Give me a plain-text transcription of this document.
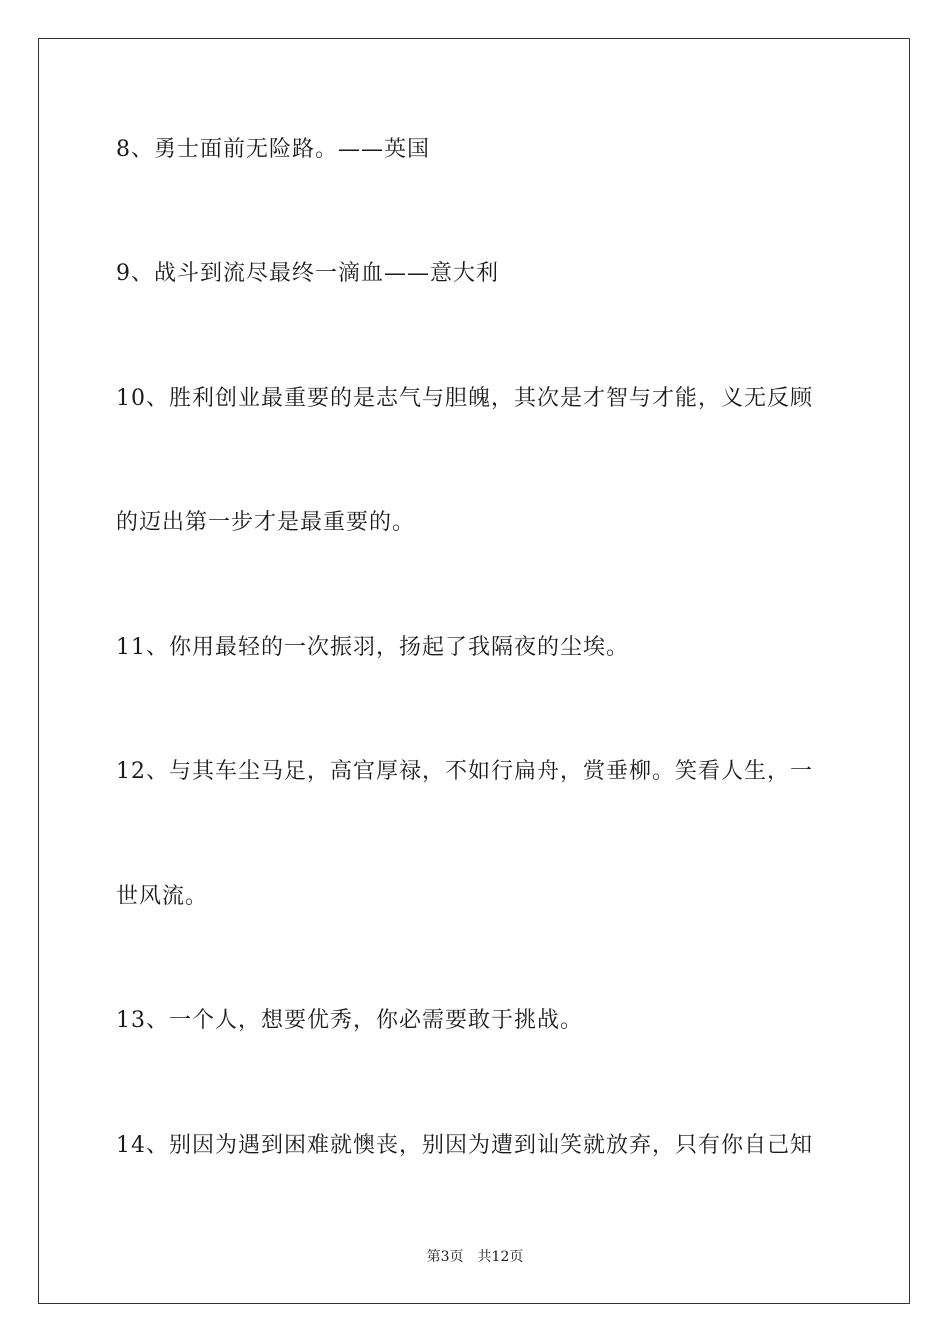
8、勇士面前无险路。——英国
9、战斗到流尽最终一滴血——意大利
10、胜利创业最重要的是志气与胆魄，其次是才智与才能，义无反顾
的迈出第一步才是最重要的。
11、你用最轻的一次振羽，扬起了我隔夜的尘埃。
12、与其车尘马足，高官厚禄，不如行扁舟，赏垂柳。笑看人生，一
世风流。
13、一个人，想要优秀，你必需要敢于挑战。
14、别因为遇到困难就懊丧，别因为遭到讪笑就放弃，只有你自己知
第3页 共12页
